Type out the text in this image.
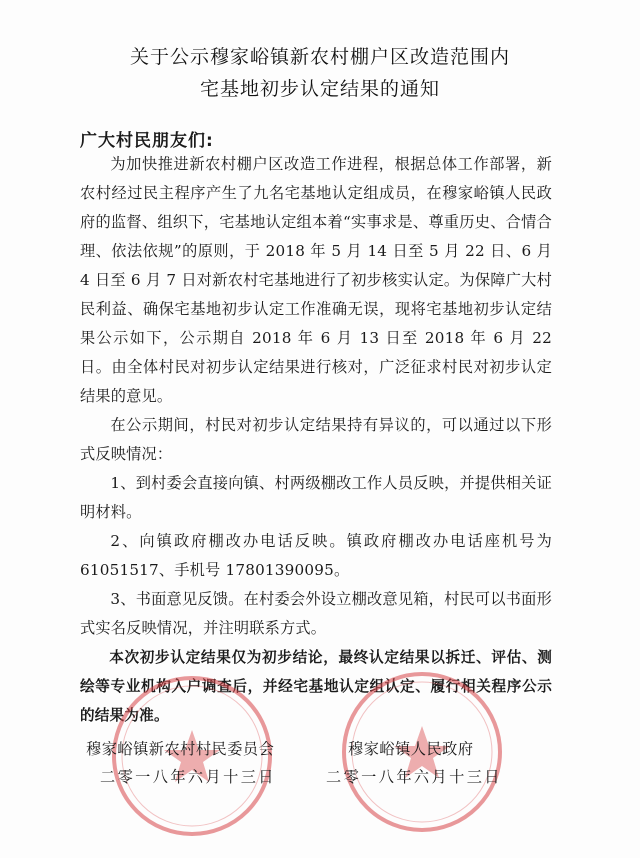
关于公示穆家峪镇新农村棚户区改造范围内
宅基地初步认定结果的通知
广大村民朋友们:

为加快推进新农村棚户区改造工作进程，根据总体工作部署，新农村经过民主程序产生了九名宅基地认定组成员，在穆家峪镇人民政府的监督、组织下，宅基地认定组本着“实事求是、尊重历史、合情合理、依法依规”的原则，于 2018 年 5 月 14 日至 5 月 22 日、6 月 4 日至 6 月 7 日对新农村宅基地进行了初步核实认定。为保障广大村民利益、确保宅基地初步认定工作准确无误，现将宅基地初步认定结果公示如下，公示期自 2018 年 6 月 13 日至 2018 年 6 月 22 日。由全体村民对初步认定结果进行核对，广泛征求村民对初步认定结果的意见。

在公示期间，村民对初步认定结果持有异议的，可以通过以下形式反映情况：

1、到村委会直接向镇、村两级棚改工作人员反映，并提供相关证明材料。

2、向镇政府棚改办电话反映。镇政府棚改办电话座机号为 61051517、手机号 17801390095。

3、书面意见反馈。在村委会外设立棚改意见箱，村民可以书面形式实名反映情况，并注明联系方式。

本次初步认定结果仅为初步结论，最终认定结果以拆迁、评估、测绘等专业机构入户调查后，并经宅基地认定组认定、履行相关程序公示的结果为准。

穆家峪镇新农村村民委员会
二零一八年六月十三日
穆家峪镇人民政府
二零一八年六月十三日
